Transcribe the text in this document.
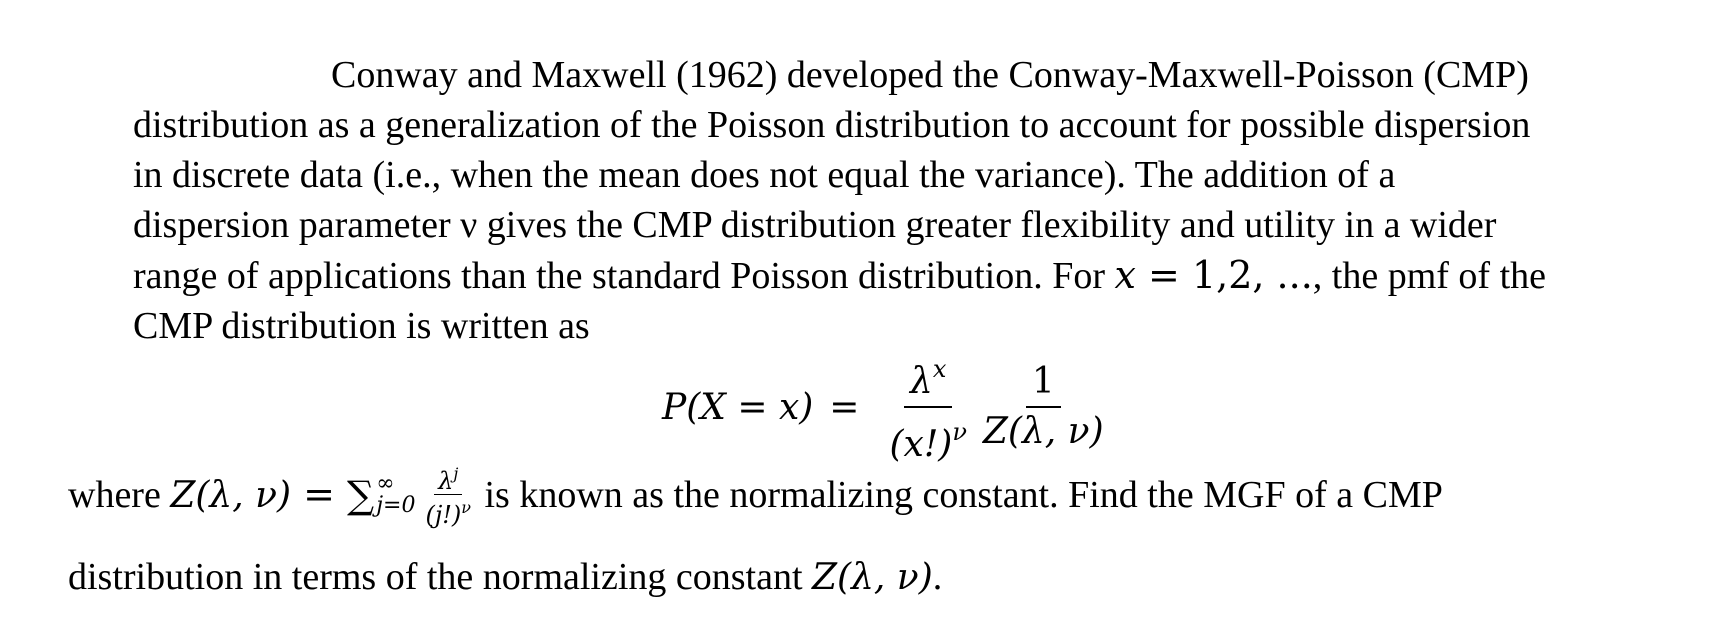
Conway and Maxwell (1962) developed the Conway-Maxwell-Poisson (CMP)
distribution as a generalization of the Poisson distribution to account for possible dispersion
in discrete data (i.e., when the mean does not equal the variance). The addition of a
dispersion parameter ν gives the CMP distribution greater flexibility and utility in a wider
range of applications than the standard Poisson distribution. For x = 1,2, ..., the pmf of the
CMP distribution is written as
$P(X = x) = \frac{\lambda^x}{(x!)^\nu} \frac{1}{Z(\lambda, \nu)}$
where Z(λ, ν) = ∑ ∞
$j=0 \frac{\lambda^j}{(j!)^\nu}$ is known as the normalizing constant. Find the MGF of a CMP
distribution in terms of the normalizing constant Z(λ, ν).
